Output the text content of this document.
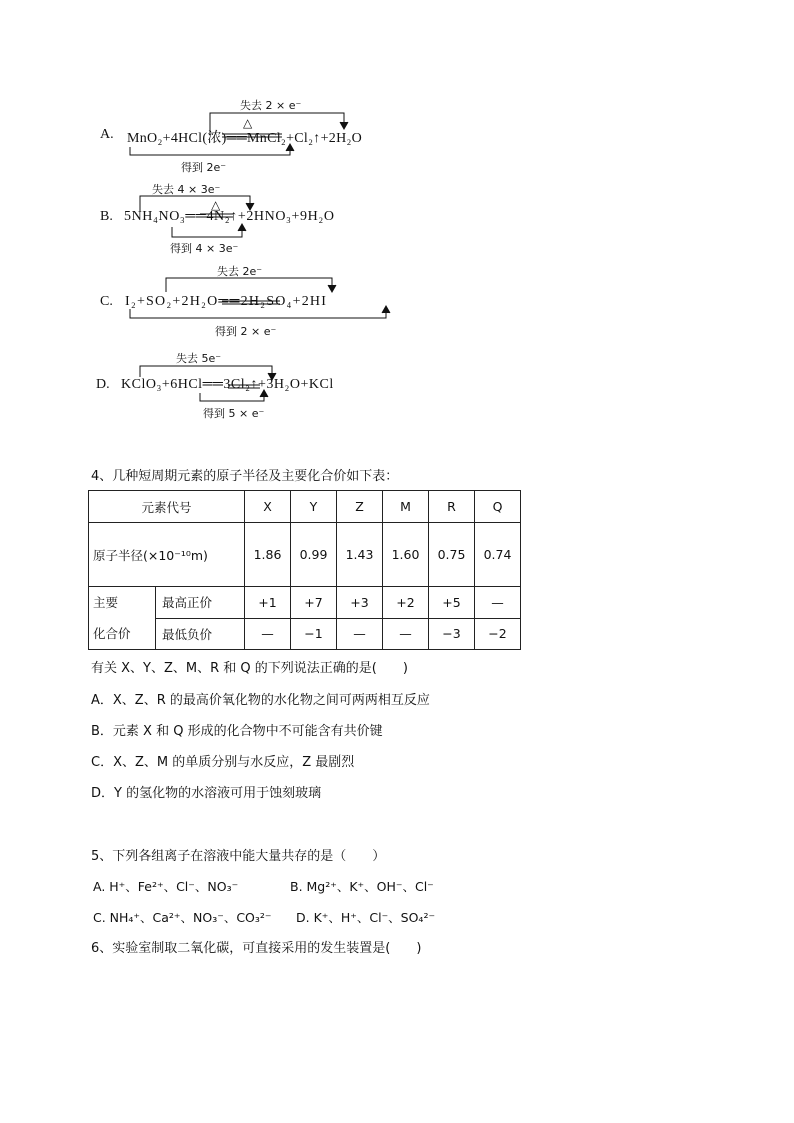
失去 2 × e⁻
△
A. MnO₂+4HCl(浓)══MnCl₂+Cl₂↑+2H₂O
得到 2e⁻
失去 4 × 3e⁻
△
B. 5NH₄NO₃══4N₂↑+2HNO₃+9H₂O
得到 4 × 3e⁻
失去 2e⁻
C. I₂+SO₂+2H₂O══2H₂SO₄+2HI
得到 2 × e⁻
失去 5e⁻
D. KClO₃+6HCl══3Cl₂↑+3H₂O+KCl
得到 5 × e⁻
4、几种短周期元素的原子半径及主要化合价如下表：
元素代号		X	Y	Z	M	R	Q
原子半径(×10⁻¹⁰m)		1.86	0.99	1.43	1.60	0.75	0.74

主要
化合价	最高正价	+1	+7	+3	+2	+5	—
	最低负价	—	−1	—	—	−3	−2
有关 X、Y、Z、M、R 和 Q 的下列说法正确的是(　　)
A．X、Z、R 的最高价氧化物的水化物之间可两两相互反应
B．元素 X 和 Q 形成的化合物中不可能含有共价键
C．X、Z、M 的单质分别与水反应，Z 最剧烈
D．Y 的氢化物的水溶液可用于蚀刻玻璃
5、下列各组离子在溶液中能大量共存的是（　　）
A. H⁺、Fe²⁺、Cl⁻、NO₃⁻	B. Mg²⁺、K⁺、OH⁻、Cl⁻
C. NH₄⁺、Ca²⁺、NO₃⁻、CO₃²⁻ D. K⁺、H⁺、Cl⁻、SO₄²⁻
6、实验室制取二氧化碳，可直接采用的发生装置是(　　)
